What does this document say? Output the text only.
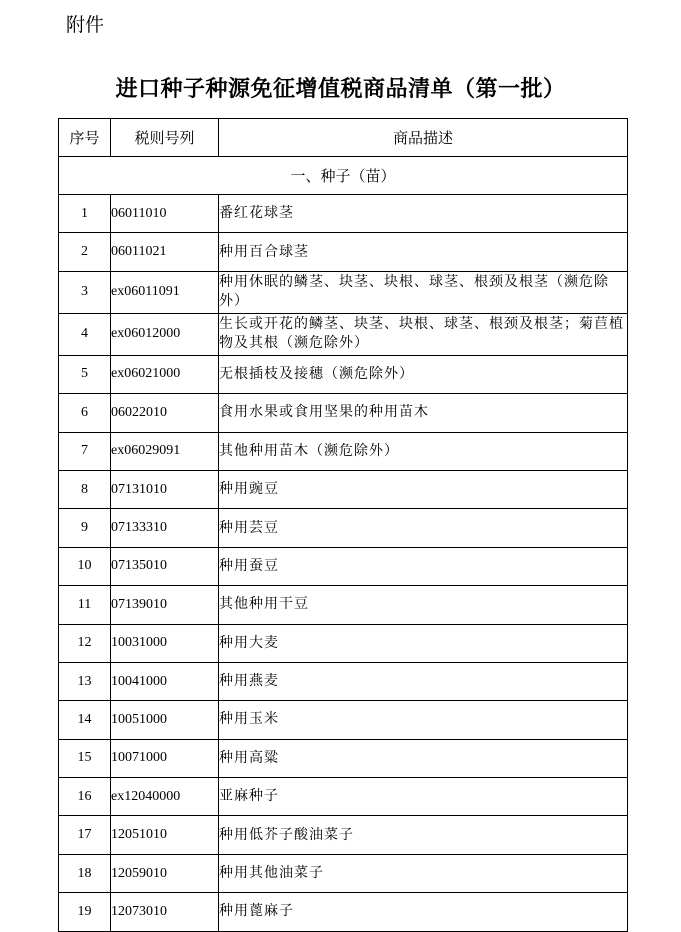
附件
进口种子种源免征增值税商品清单（第一批）
序号	税则号列	商品描述
一、种子（苗）		
1	06011010	番红花球茎
2	06011021	种用百合球茎
3	ex06011091	种用休眠的鳞茎、块茎、块根、球茎、根颈及根茎（濒危除外）
4	ex06012000	生长或开花的鳞茎、块茎、块根、球茎、根颈及根茎；菊苣植物及其根（濒危除外）
5	ex06021000	无根插枝及接穗（濒危除外）
6	06022010	食用水果或食用坚果的种用苗木
7	ex06029091	其他种用苗木（濒危除外）
8	07131010	种用豌豆
9	07133310	种用芸豆
10	07135010	种用蚕豆
11	07139010	其他种用干豆
12	10031000	种用大麦
13	10041000	种用燕麦
14	10051000	种用玉米
15	10071000	种用高粱
16	ex12040000	亚麻种子
17	12051010	种用低芥子酸油菜子
18	12059010	种用其他油菜子
19	12073010	种用蓖麻子
